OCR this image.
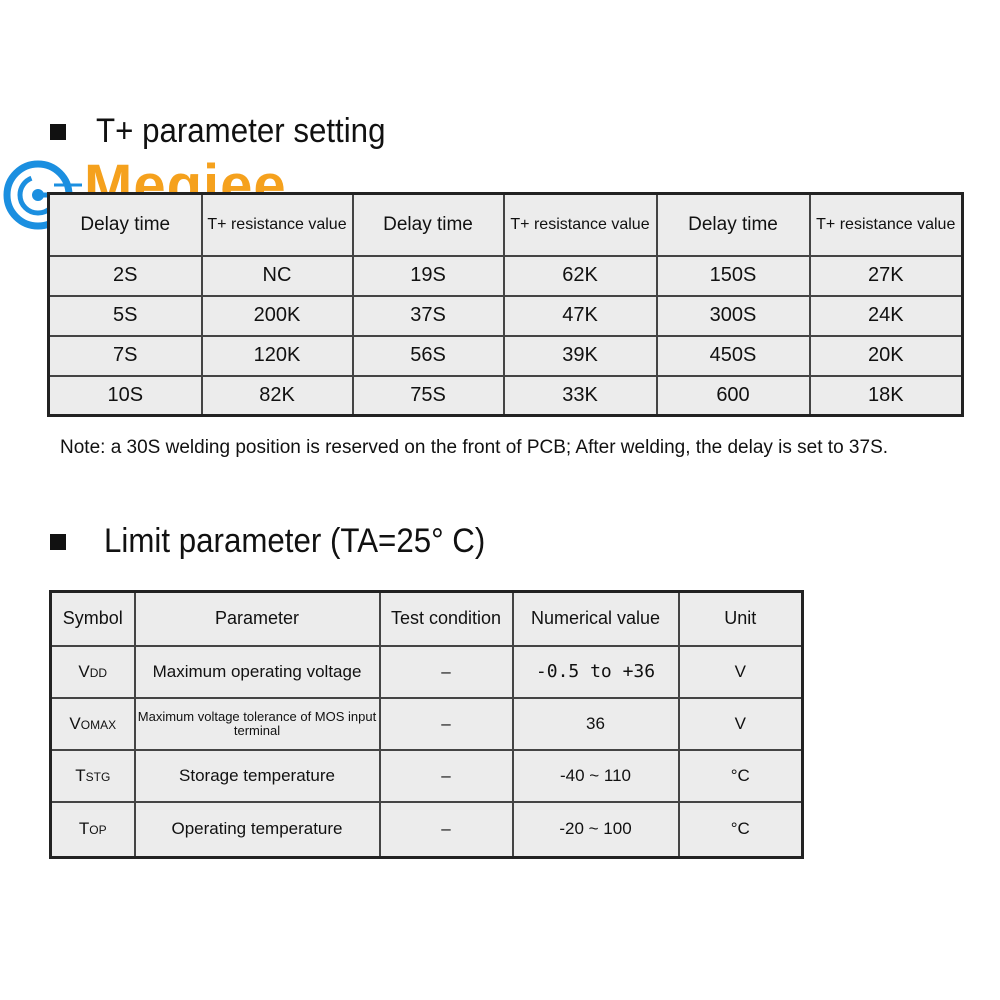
T+ parameter setting
Meqiee
Delay time	T+ resistance value	Delay time	T+ resistance value	Delay time	T+ resistance value
2S	NC	19S	62K	150S	27K
5S	200K	37S	47K	300S	24K
7S	120K	56S	39K	450S	20K
10S	82K	75S	33K	600	18K
Note: a 30S welding position is reserved on the front of PCB; After welding, the delay is set to 37S.
Limit parameter (TA=25° C)
Symbol	Parameter	Test condition	Numerical value	Unit
VDD	Maximum operating voltage	–	-0.5 to +36	V
VOMAX	Maximum voltage tolerance of MOS input terminal	–	36	V
TSTG	Storage temperature	–	-40 ~ 110	°C
TOP	Operating temperature	–	-20 ~ 100	°C
